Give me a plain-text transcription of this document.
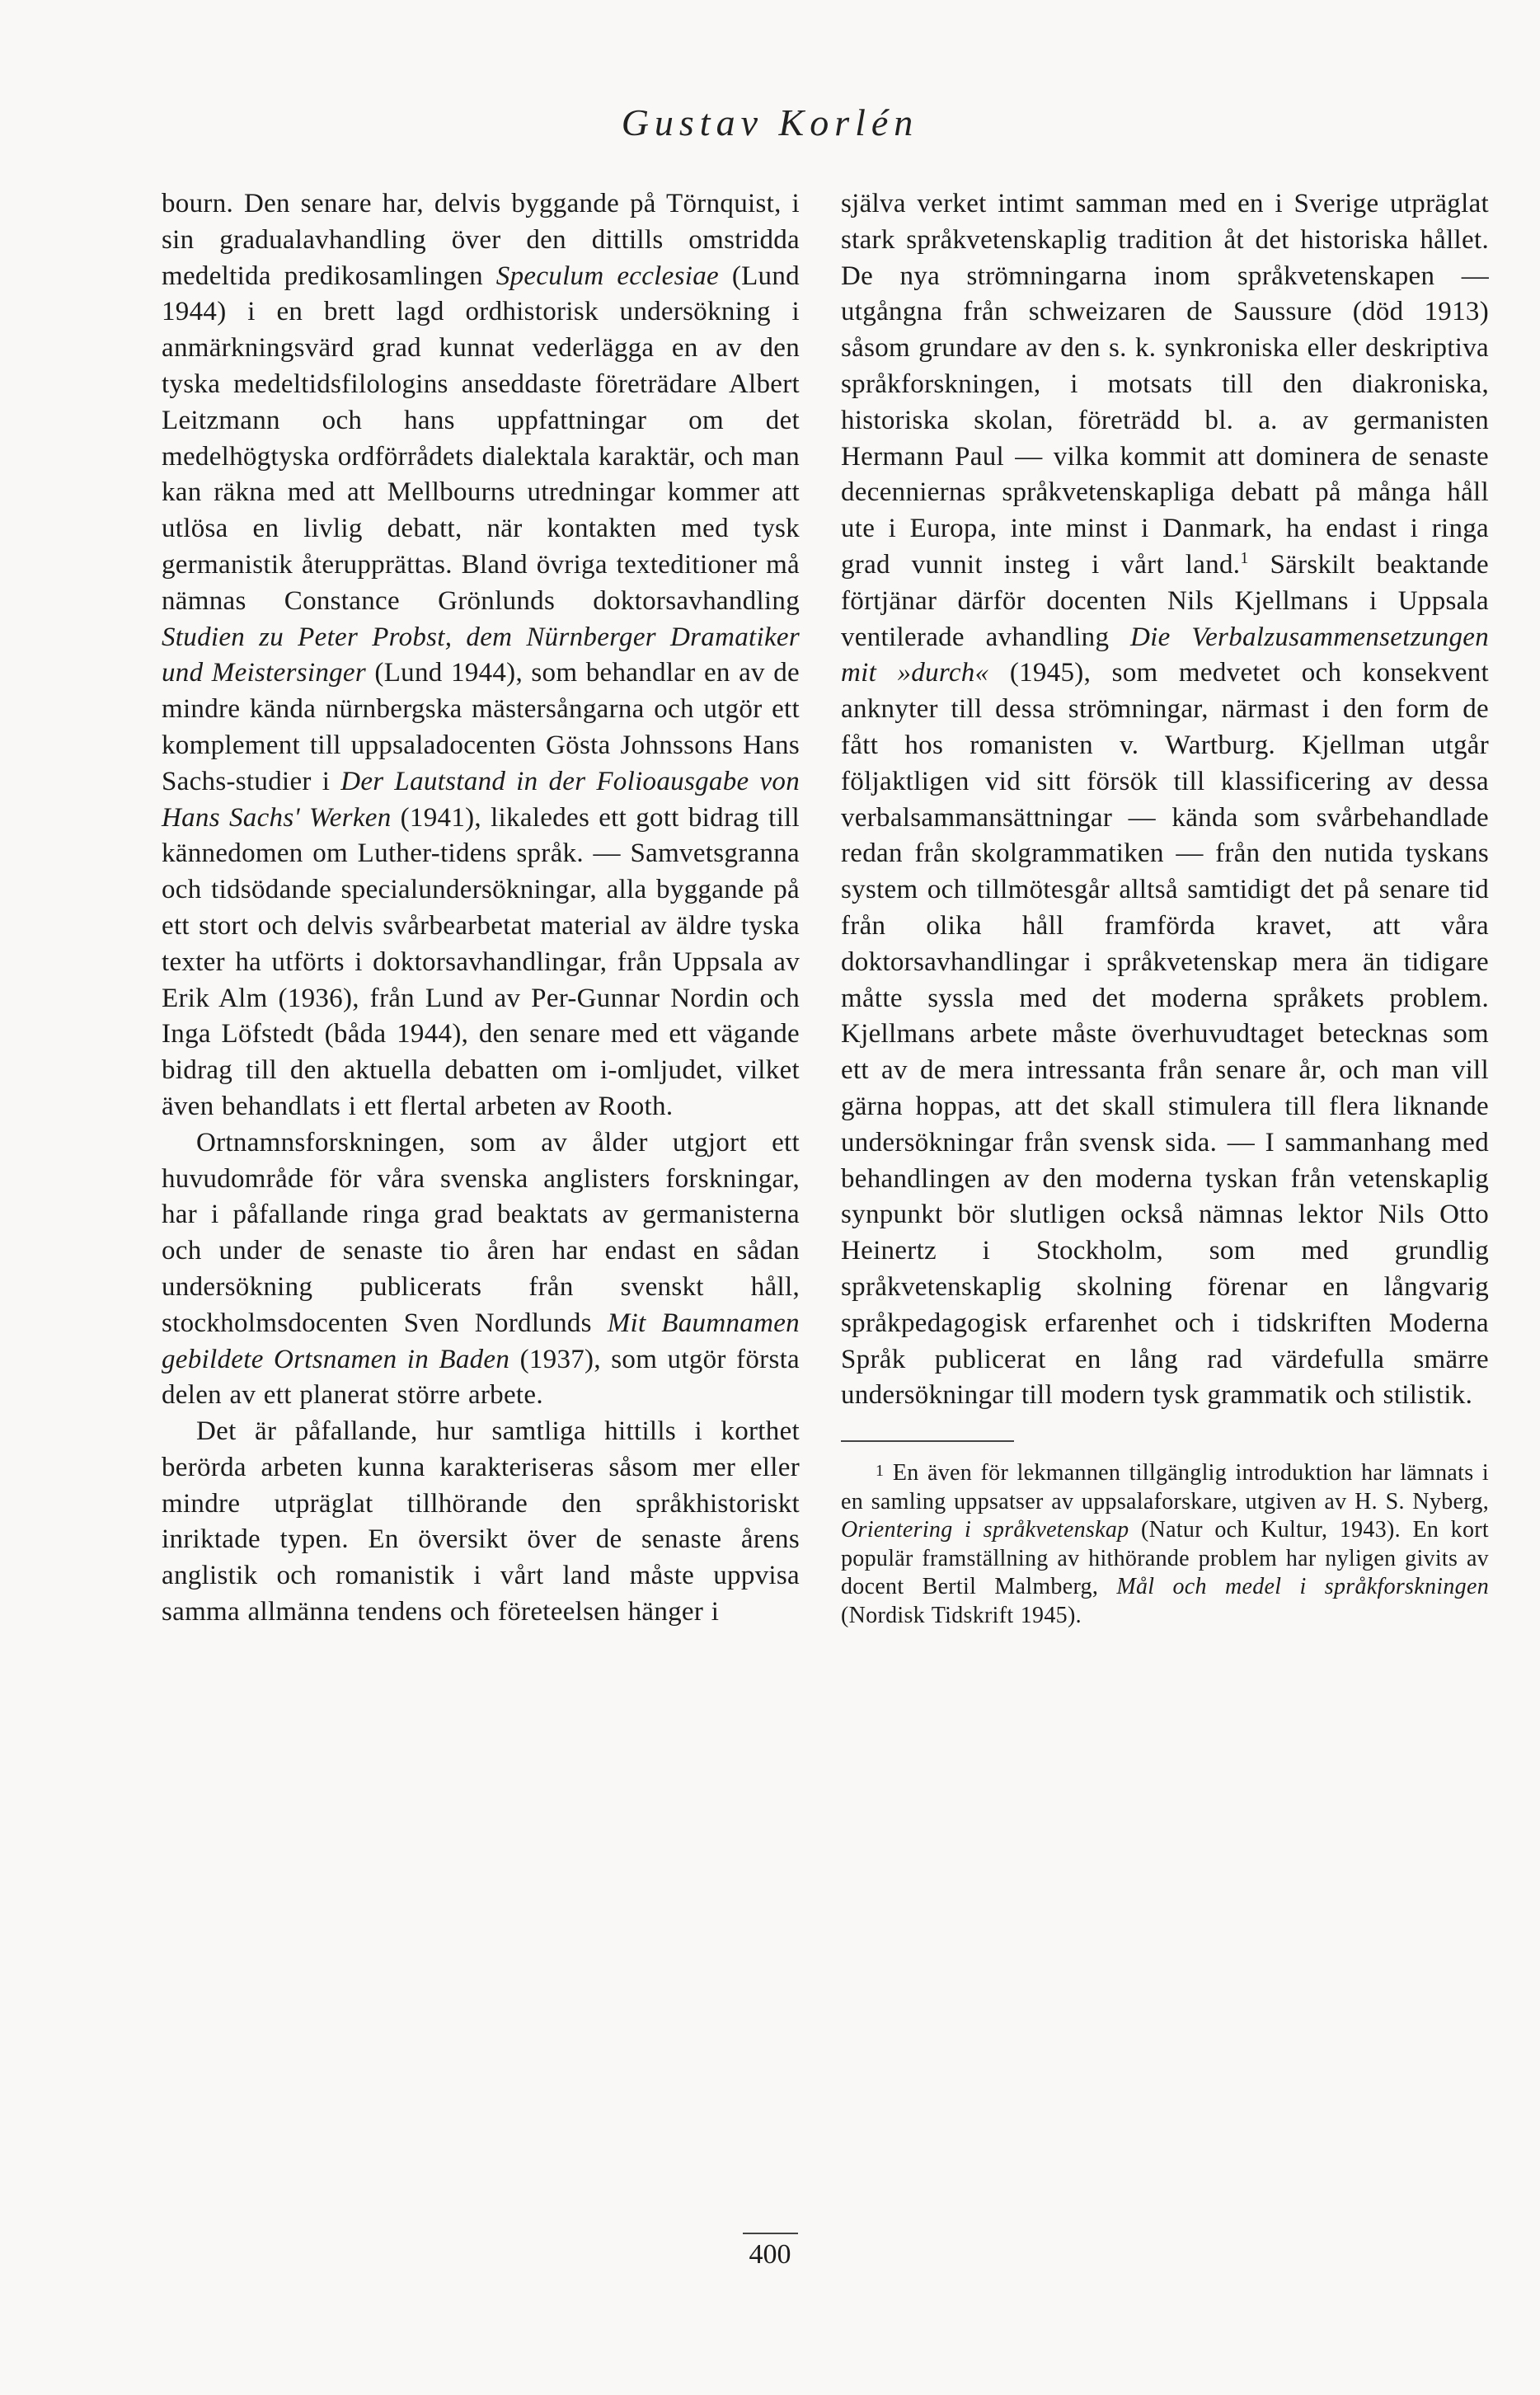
Gustav Korlén

bourn. Den senare har, delvis byggande på Törnquist, i sin gradualavhandling över den dittills omstridda medeltida predikosamlingen Speculum ecclesiae (Lund 1944) i en brett lagd ordhistorisk undersökning i anmärkningsvärd grad kunnat vederlägga en av den tyska medeltidsfilologins anseddaste företrädare Albert Leitzmann och hans uppfattningar om det medelhögtyska ordförrådets dialektala karaktär, och man kan räkna med att Mellbourns utredningar kommer att utlösa en livlig debatt, när kontakten med tysk germanistik återupprättas. Bland övriga texteditioner må nämnas Constance Grönlunds doktorsavhandling Studien zu Peter Probst, dem Nürnberger Dramatiker und Meistersinger (Lund 1944), som behandlar en av de mindre kända nürnbergska mästersångarna och utgör ett komplement till uppsaladocenten Gösta Johnssons Hans Sachs-studier i Der Lautstand in der Folioausgabe von Hans Sachs' Werken (1941), likaledes ett gott bidrag till kännedomen om Luther-tidens språk. — Samvetsgranna och tidsödande specialundersökningar, alla byggande på ett stort och delvis svårbearbetat material av äldre tyska texter ha utförts i doktorsavhandlingar, från Uppsala av Erik Alm (1936), från Lund av Per-Gunnar Nordin och Inga Löfstedt (båda 1944), den senare med ett vägande bidrag till den aktuella debatten om i-omljudet, vilket även behandlats i ett flertal arbeten av Rooth.

Ortnamnsforskningen, som av ålder utgjort ett huvudområde för våra svenska anglisters forskningar, har i påfallande ringa grad beaktats av germanisterna och under de senaste tio åren har endast en sådan undersökning publicerats från svenskt håll, stockholmsdocenten Sven Nordlunds Mit Baumnamen gebildete Ortsnamen in Baden (1937), som utgör första delen av ett planerat större arbete.

Det är påfallande, hur samtliga hittills i korthet berörda arbeten kunna karakteriseras såsom mer eller mindre utpräglat tillhörande den språkhistoriskt inriktade typen. En översikt över de senaste årens anglistik och romanistik i vårt land måste uppvisa samma allmänna tendens och företeelsen hänger i

själva verket intimt samman med en i Sverige utpräglat stark språkvetenskaplig tradition åt det historiska hållet. De nya strömningarna inom språkvetenskapen — utgångna från schweizaren de Saussure (död 1913) såsom grundare av den s. k. synkroniska eller deskriptiva språkforskningen, i motsats till den diakroniska, historiska skolan, företrädd bl. a. av germanisten Hermann Paul — vilka kommit att dominera de senaste decenniernas språkvetenskapliga debatt på många håll ute i Europa, inte minst i Danmark, ha endast i ringa grad vunnit insteg i vårt land.$^1$ Särskilt beaktande förtjänar därför docenten Nils Kjellmans i Uppsala ventilerade avhandling Die Verbalzusammensetzungen mit »durch« (1945), som medvetet och konsekvent anknyter till dessa strömningar, närmast i den form de fått hos romanisten v. Wartburg. Kjellman utgår följaktligen vid sitt försök till klassificering av dessa verbalsammansättningar — kända som svårbehandlade redan från skolgrammatiken — från den nutida tyskans system och tillmötesgår alltså samtidigt det på senare tid från olika håll framförda kravet, att våra doktorsavhandlingar i språkvetenskap mera än tidigare måtte syssla med det moderna språkets problem. Kjellmans arbete måste överhuvudtaget betecknas som ett av de mera intressanta från senare år, och man vill gärna hoppas, att det skall stimulera till flera liknande undersökningar från svensk sida. — I sammanhang med behandlingen av den moderna tyskan från vetenskaplig synpunkt bör slutligen också nämnas lektor Nils Otto Heinertz i Stockholm, som med grundlig språkvetenskaplig skolning förenar en långvarig språkpedagogisk erfarenhet och i tidskriften Moderna Språk publicerat en lång rad värdefulla smärre undersökningar till modern tysk grammatik och stilistik.

1 En även för lekmannen tillgänglig introduktion har lämnats i en samling uppsatser av uppsalaforskare, utgiven av H. S. Nyberg, Orientering i språkvetenskap (Natur och Kultur, 1943). En kort populär framställning av hithörande problem har nyligen givits av docent Bertil Malmberg, Mål och medel i språkforskningen (Nordisk Tidskrift 1945).

400
